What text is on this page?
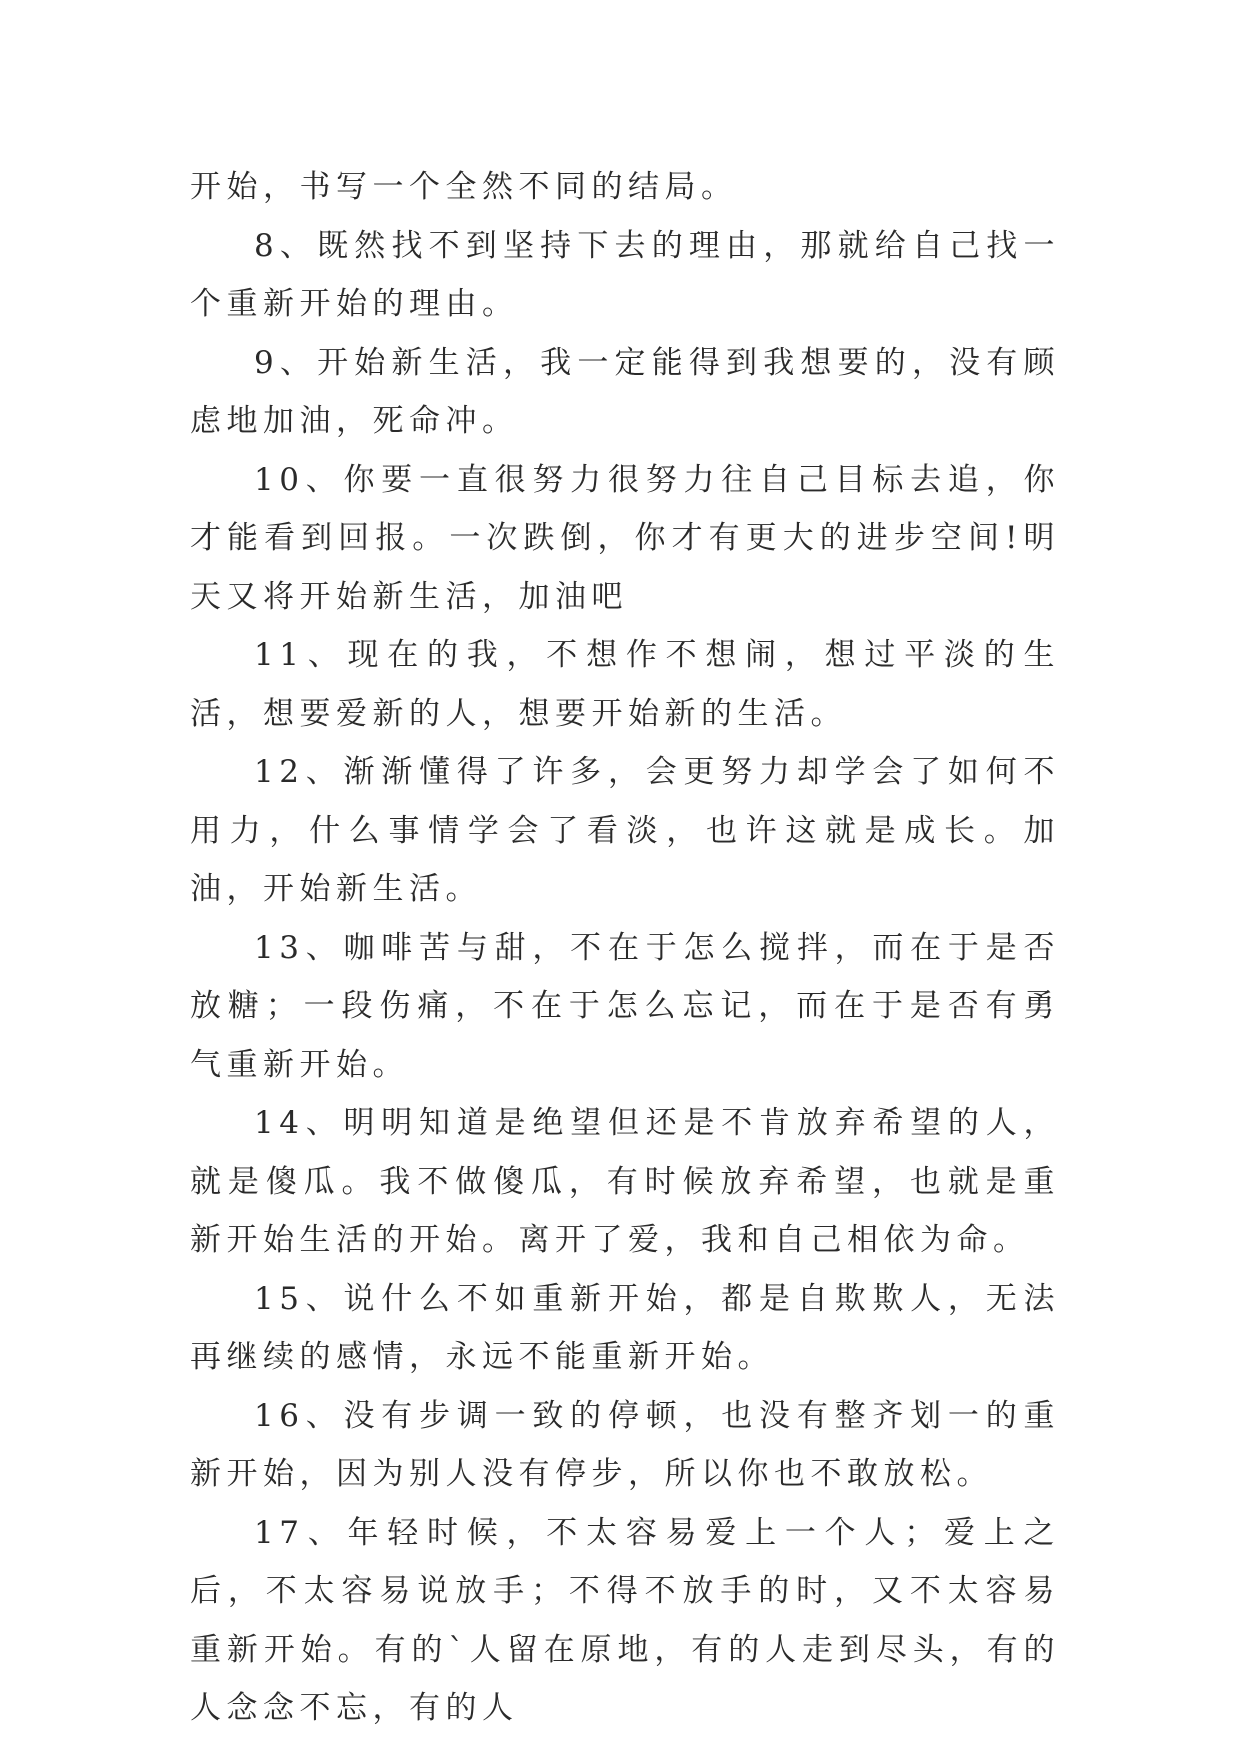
开始，书写一个全然不同的结局。

8、既然找不到坚持下去的理由，那就给自己找一个重新开始的理由。

9、开始新生活，我一定能得到我想要的，没有顾虑地加油，死命冲。

10、你要一直很努力很努力往自己目标去追，你才能看到回报。一次跌倒，你才有更大的进步空间!明天又将开始新生活，加油吧

11、现在的我，不想作不想闹，想过平淡的生活，想要爱新的人，想要开始新的生活。

12、渐渐懂得了许多，会更努力却学会了如何不用力，什么事情学会了看淡，也许这就是成长。加油，开始新生活。

13、咖啡苦与甜，不在于怎么搅拌，而在于是否放糖；一段伤痛，不在于怎么忘记，而在于是否有勇气重新开始。

14、明明知道是绝望但还是不肯放弃希望的人，就是傻瓜。我不做傻瓜，有时候放弃希望，也就是重新开始生活的开始。离开了爱，我和自己相依为命。

15、说什么不如重新开始，都是自欺欺人，无法再继续的感情，永远不能重新开始。

16、没有步调一致的停顿，也没有整齐划一的重新开始，因为别人没有停步，所以你也不敢放松。

17、年轻时候，不太容易爱上一个人；爱上之后，不太容易说放手；不得不放手的时，又不太容易重新开始。有的`人留在原地，有的人走到尽头，有的人念念不忘，有的人
